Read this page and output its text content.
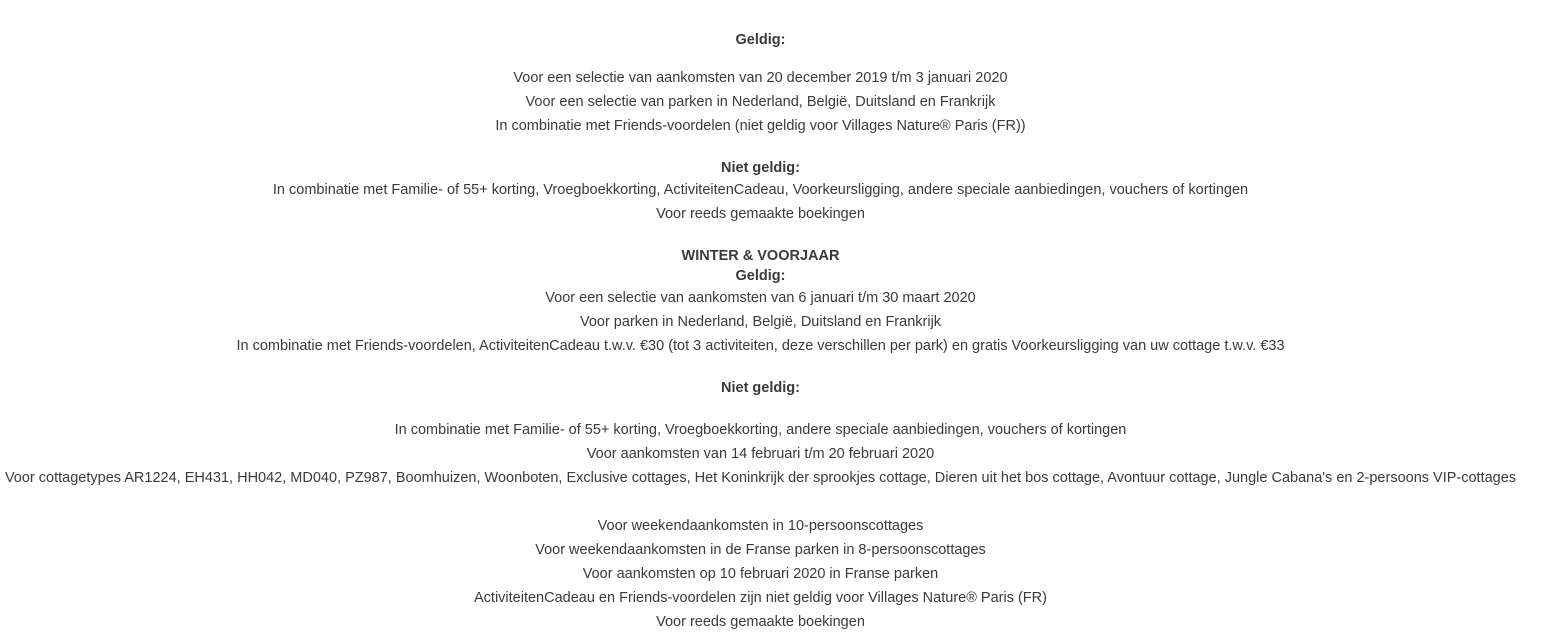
Geldig:
Voor een selectie van aankomsten van 20 december 2019 t/m 3 januari 2020
Voor een selectie van parken in Nederland, België, Duitsland en Frankrijk
In combinatie met Friends-voordelen (niet geldig voor Villages Nature® Paris (FR))
Niet geldig:
In combinatie met Familie- of 55+ korting, Vroegboekkorting, ActiviteitenCadeau, Voorkeursligging, andere speciale aanbiedingen, vouchers of kortingen
Voor reeds gemaakte boekingen
WINTER & VOORJAAR
Geldig:
Voor een selectie van aankomsten van 6 januari t/m 30 maart 2020
Voor parken in Nederland, België, Duitsland en Frankrijk
In combinatie met Friends-voordelen, ActiviteitenCadeau t.w.v. €30 (tot 3 activiteiten, deze verschillen per park) en gratis Voorkeursligging van uw cottage t.w.v. €33
Niet geldig:
In combinatie met Familie- of 55+ korting, Vroegboekkorting, andere speciale aanbiedingen, vouchers of kortingen
Voor aankomsten van 14 februari t/m 20 februari 2020
Voor cottagetypes AR1224, EH431, HH042, MD040, PZ987, Boomhuizen, Woonboten, Exclusive cottages, Het Koninkrijk der sprookjes cottage, Dieren uit het bos cottage, Avontuur cottage, Jungle Cabana's en 2-persoons VIP-cottages
Voor weekendaankomsten in 10-persoonscottages
Voor weekendaankomsten in de Franse parken in 8-persoonscottages
Voor aankomsten op 10 februari 2020 in Franse parken
ActiviteitenCadeau en Friends-voordelen zijn niet geldig voor Villages Nature® Paris (FR)
Voor reeds gemaakte boekingen
